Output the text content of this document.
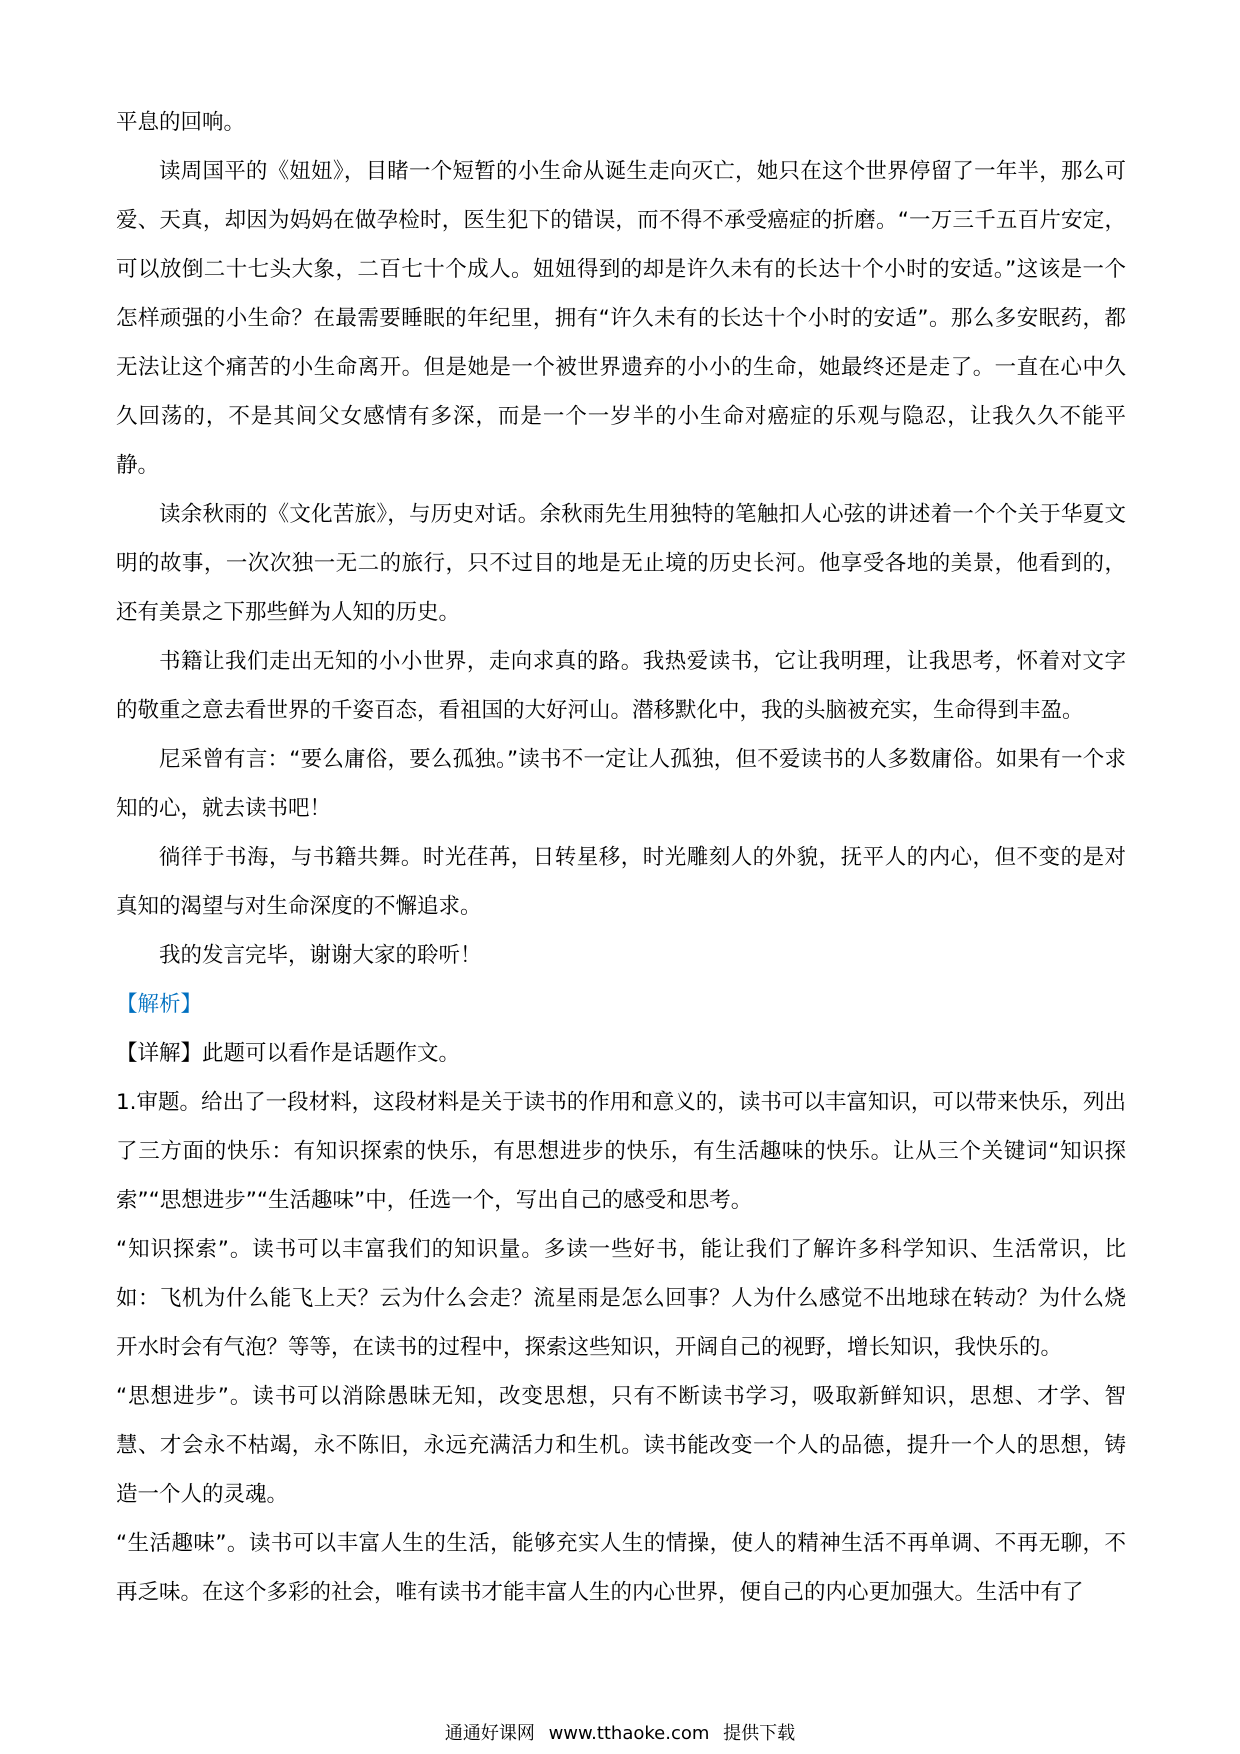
平息的回响。

读周国平的《妞妞》，目睹一个短暂的小生命从诞生走向灭亡，她只在这个世界停留了一年半，那么可爱、天真，却因为妈妈在做孕检时，医生犯下的错误，而不得不承受癌症的折磨。“一万三千五百片安定，可以放倒二十七头大象，二百七十个成人。妞妞得到的却是许久未有的长达十个小时的安适。”这该是一个怎样顽强的小生命？在最需要睡眠的年纪里，拥有“许久未有的长达十个小时的安适”。那么多安眠药，都无法让这个痛苦的小生命离开。但是她是一个被世界遗弃的小小的生命，她最终还是走了。一直在心中久久回荡的，不是其间父女感情有多深，而是一个一岁半的小生命对癌症的乐观与隐忍，让我久久不能平静。

读余秋雨的《文化苦旅》，与历史对话。余秋雨先生用独特的笔触扣人心弦的讲述着一个个关于华夏文明的故事，一次次独一无二的旅行，只不过目的地是无止境的历史长河。他享受各地的美景，他看到的，还有美景之下那些鲜为人知的历史。

书籍让我们走出无知的小小世界，走向求真的路。我热爱读书，它让我明理，让我思考，怀着对文字的敬重之意去看世界的千姿百态，看祖国的大好河山。潜移默化中，我的头脑被充实，生命得到丰盈。

尼采曾有言：“要么庸俗，要么孤独。”读书不一定让人孤独，但不爱读书的人多数庸俗。如果有一个求知的心，就去读书吧！

徜徉于书海，与书籍共舞。时光荏苒，日转星移，时光雕刻人的外貌，抚平人的内心，但不变的是对真知的渴望与对生命深度的不懈追求。

我的发言完毕，谢谢大家的聆听！

【解析】

【详解】此题可以看作是话题作文。

1.审题。给出了一段材料，这段材料是关于读书的作用和意义的，读书可以丰富知识，可以带来快乐，列出了三方面的快乐：有知识探索的快乐，有思想进步的快乐，有生活趣味的快乐。让从三个关键词“知识探索”“思想进步”“生活趣味”中，任选一个，写出自己的感受和思考。

“知识探索”。读书可以丰富我们的知识量。多读一些好书，能让我们了解许多科学知识、生活常识，比如：飞机为什么能飞上天？云为什么会走？流星雨是怎么回事？人为什么感觉不出地球在转动？为什么烧开水时会有气泡？等等，在读书的过程中，探索这些知识，开阔自己的视野，增长知识，我快乐的。

“思想进步”。读书可以消除愚昧无知，改变思想，只有不断读书学习，吸取新鲜知识，思想、才学、智慧、才会永不枯竭，永不陈旧，永远充满活力和生机。读书能改变一个人的品德，提升一个人的思想，铸造一个人的灵魂。

“生活趣味”。读书可以丰富人生的生活，能够充实人生的情操，使人的精神生活不再单调、不再无聊，不再乏味。在这个多彩的社会，唯有读书才能丰富人生的内心世界，便自己的内心更加强大。生活中有了

通通好课网 www.tthaoke.com 提供下载
